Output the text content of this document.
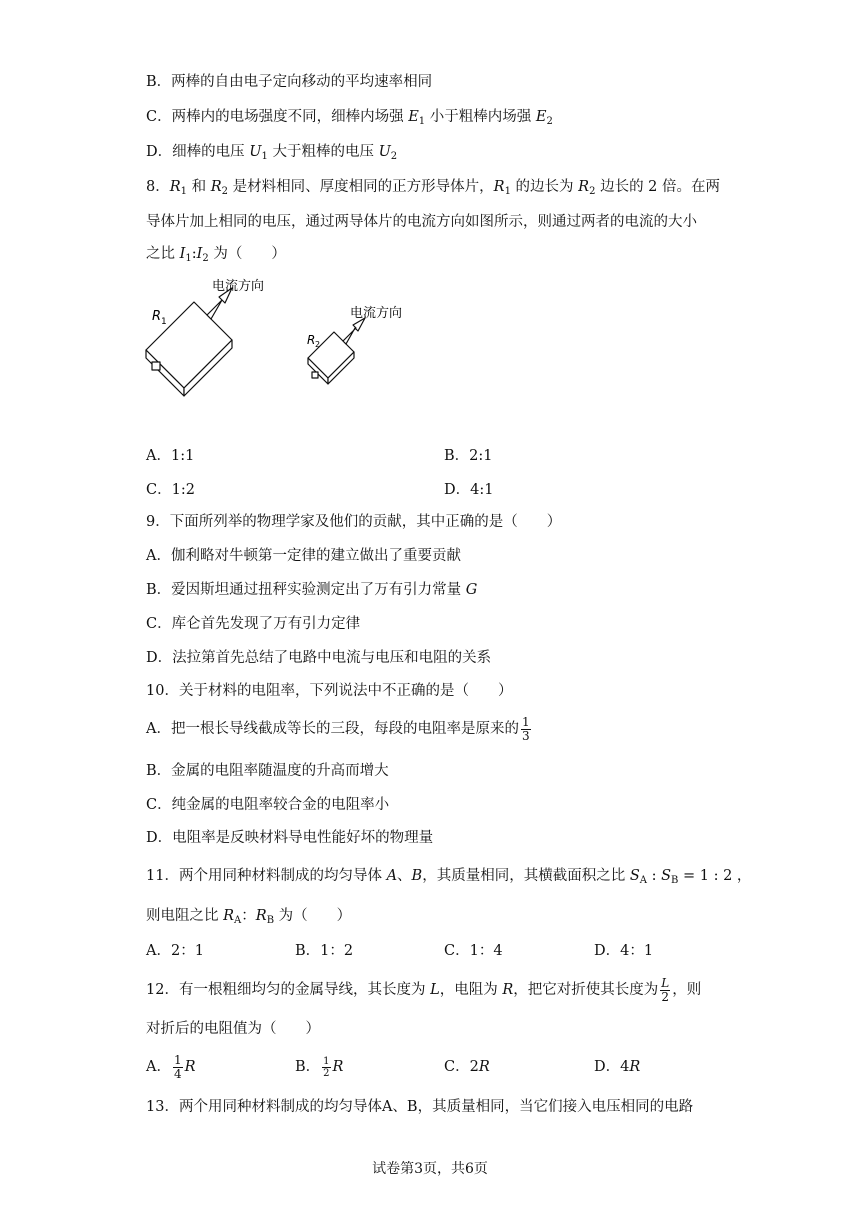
B．两棒的自由电子定向移动的平均速率相同
C．两棒内的电场强度不同，细棒内场强 $E_1$ 小于粗棒内场强 $E_2$
D．细棒的电压 $U_1$ 大于粗棒的电压 $U_2$
8．$R_1$ 和 $R_2$ 是材料相同、厚度相同的正方形导体片，$R_1$ 的边长为 $R_2$ 边长的 2 倍。在两
导体片加上相同的电压，通过两导体片的电流方向如图所示，则通过两者的电流的大小
之比 $I_1:I_2$ 为（　　）
R 1
电流方向
R 2
电流方向
A．1:1	B．2:1
C．1:2	D．4:1
9．下面所列举的物理学家及他们的贡献，其中正确的是（　　）
A．伽利略对牛顿第一定律的建立做出了重要贡献
B．爱因斯坦通过扭秤实验测定出了万有引力常量 G
C．库仑首先发现了万有引力定律
D．法拉第首先总结了电路中电流与电压和电阻的关系
10．关于材料的电阻率，下列说法中不正确的是（　　）
A．把一根长导线截成等长的三段，每段的电阻率是原来的 $\frac{1}{3}$
B．金属的电阻率随温度的升高而增大
C．纯金属的电阻率较合金的电阻率小
D．电阻率是反映材料导电性能好坏的物理量
11．两个用同种材料制成的均匀导体 A、B，其质量相同，其横截面积之比 $S_A$ : $S_B = 1$ : 2 ，
则电阻之比 $R_A$：$R_B$ 为（　　）
A．2：1	B．1：2	C．1：4	D．4：1
12．有一根粗细均匀的金属导线，其长度为 L，电阻为 R，把它对折使其长度为 $\frac{L}{2}$ ，则
对折后的电阻值为（　　）
A． $\frac{1}{4}$ R	B． $\frac{1}{2}$ R	C．2R	D．4R
13．两个用同种材料制成的均匀导体A、B，其质量相同，当它们接入电压相同的电路
试卷第3页，共6页
